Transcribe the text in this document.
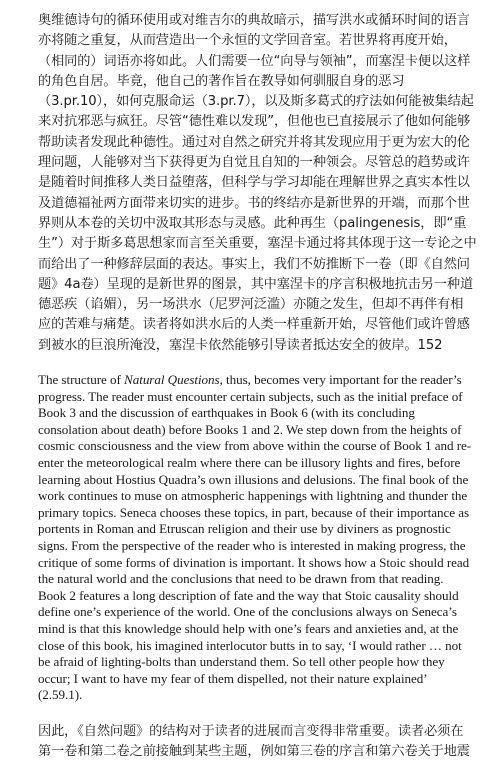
奥维德诗句的循环使用或对维吉尔的典故暗示，描写洪水或循环时间的语言
亦将随之重复，从而营造出一个永恒的文学回音室。若世界将再度开始，
（相同的）词语亦将如此。人们需要一位“向导与领袖”，而塞涅卡便以这样
的角色自居。毕竟，他自己的著作旨在教导如何驯服自身的恶习
（3.pr.10），如何克服命运（3.pr.7），以及斯多葛式的疗法如何能被集结起
来对抗邪恶与疯狂。尽管“德性难以发现”，但他也已直接展示了他如何能够
帮助读者发现此种德性。通过对自然之研究并将其发现应用于更为宏大的伦
理问题，人能够对当下获得更为自觉且自知的一种领会。尽管总的趋势或许
是随着时间推移人类日益堕落，但科学与学习却能在理解世界之真实本性以
及道德福祉两方面带来切实的进步。书的终结亦是新世界的开端，而那个世
界则从本卷的关切中汲取其形态与灵感。此种再生（palingenesis，即“重
生”）对于斯多葛思想家而言至关重要，塞涅卡通过将其体现于这一专论之中
而给出了一种修辞层面的表达。事实上，我们不妨推断下一卷（即《自然问
题》4a卷）呈现的是新世界的图景，其中塞涅卡的序言积极地抗击另一种道
德恶疾（谄媚），另一场洪水（尼罗河泛滥）亦随之发生，但却不再伴有相
应的苦难与痛楚。读者将如洪水后的人类一样重新开始，尽管他们或许曾感
到被水的巨浪所淹没，塞涅卡依然能够引导读者抵达安全的彼岸。152
The structure of Natural Questions, thus, becomes very important for the reader’s
progress. The reader must encounter certain subjects, such as the initial preface of
Book 3 and the discussion of earthquakes in Book 6 (with its concluding
consolation about death) before Books 1 and 2. We step down from the heights of
cosmic consciousness and the view from above within the course of Book 1 and re-
enter the meteorological realm where there can be illusory lights and fires, before
learning about Hostius Quadra’s own illusions and delusions. The final book of the
work continues to muse on atmospheric happenings with lightning and thunder the
primary topics. Seneca chooses these topics, in part, because of their importance as
portents in Roman and Etruscan religion and their use by diviners as prognostic
signs. From the perspective of the reader who is interested in making progress, the
critique of some forms of divination is important. It shows how a Stoic should read
the natural world and the conclusions that need to be drawn from that reading.
Book 2 features a long description of fate and the way that Stoic causality should
define one’s experience of the world. One of the conclusions always on Seneca’s
mind is that this knowledge should help with one’s fears and anxieties and, at the
close of this book, his imagined interlocutor butts in to say, ‘I would rather … not
be afraid of lighting-bolts than understand them. So tell other people how they
occur; I want to have my fear of them dispelled, not their nature explained’
(2.59.1).
因此，《自然问题》的结构对于读者的进展而言变得非常重要。读者必须在
第一卷和第二卷之前接触到某些主题，例如第三卷的序言和第六卷关于地震
